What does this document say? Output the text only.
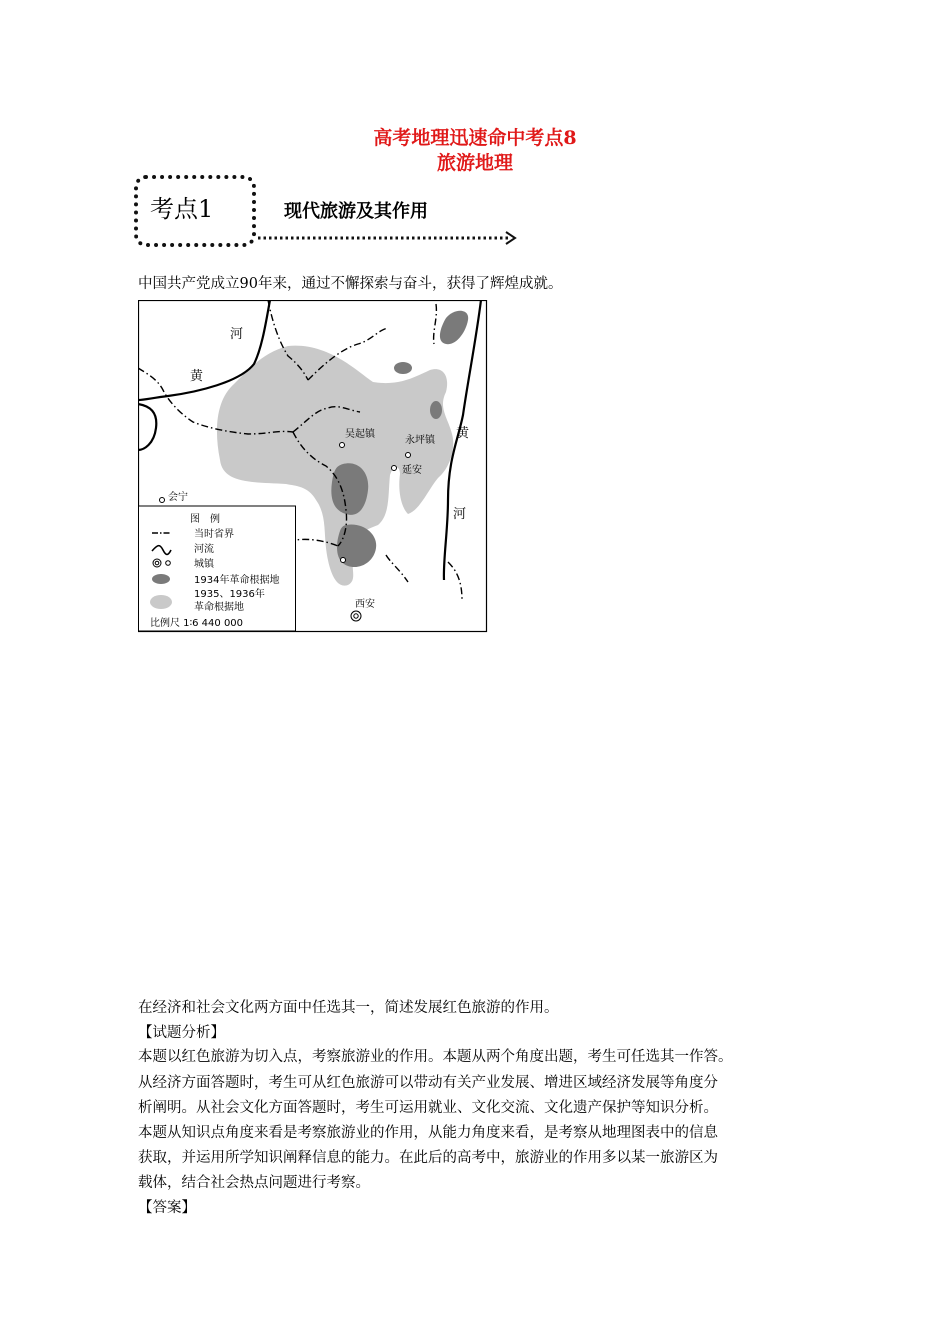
高考地理迅速命中考点8
旅游地理
考点1	现代旅游及其作用
中国共产党成立90年来，通过不懈探索与奋斗，获得了辉煌成就。
河
黄
黄
河
吴起镇
永坪镇
延安
会宁
西安
图　例
当时省界
河流
城镇
1934年革命根据地
1935、1936年
革命根据地
比例尺 1∶6 440 000
在经济和社会文化两方面中任选其一，简述发展红色旅游的作用。
【试题分析】
本题以红色旅游为切入点，考察旅游业的作用。本题从两个角度出题，考生可任选其一作答。
从经济方面答题时，考生可从红色旅游可以带动有关产业发展、增进区域经济发展等角度分
析阐明。从社会文化方面答题时，考生可运用就业、文化交流、文化遗产保护等知识分析。
本题从知识点角度来看是考察旅游业的作用，从能力角度来看，是考察从地理图表中的信息
获取，并运用所学知识阐释信息的能力。在此后的高考中，旅游业的作用多以某一旅游区为
载体，结合社会热点问题进行考察。
【答案】
